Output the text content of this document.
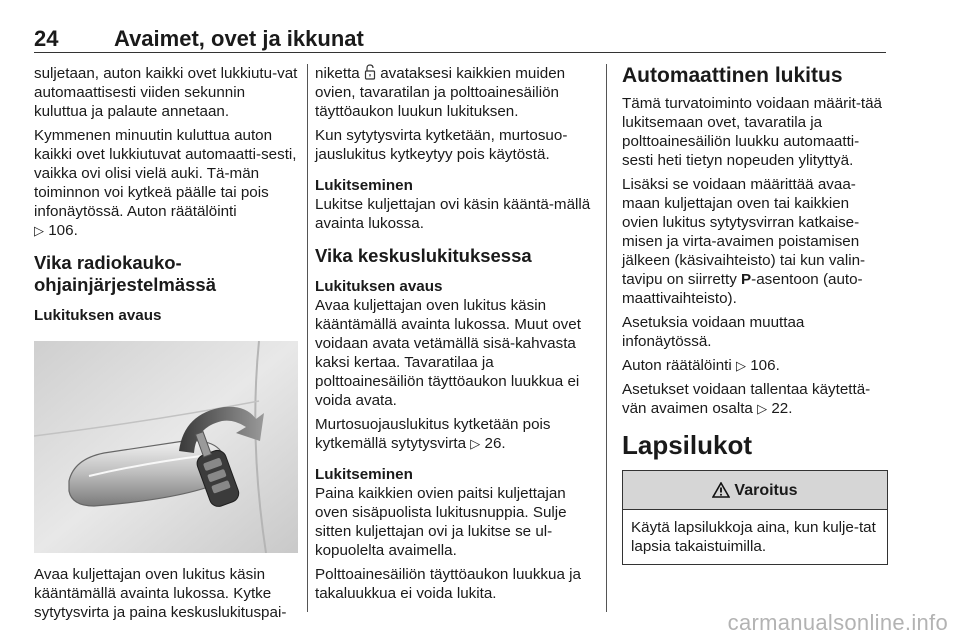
24	Avaimet, ovet ja ikkunat

suljetaan, auton kaikki ovet lukkiutu-vat automaattisesti viiden sekunnin kuluttua ja palaute annetaan.

Kymmenen minuutin kuluttua auton kaikki ovet lukkiutuvat automaatti-sesti, vaikka ovi olisi vielä auki. Tä-män toiminnon voi kytkeä päälle tai pois infonäytössä. Auton räätälöinti
▷ 106.

Vika radiokauko-ohjainjärjestelmässä
Lukituksen avaus

Avaa kuljettajan oven lukitus käsin kääntämällä avainta lukossa. Kytke sytytysvirta ja paina keskuslukituspai-

niketta avataksesi kaikkien muiden ovien, tavaratilan ja polttoainesäiliön täyttöaukon luukun lukituksen.

Kun sytytysvirta kytketään, murtosuo-jauslukitus kytkeytyy pois käytöstä.

Lukitseminen

Lukitse kuljettajan ovi käsin kääntä-mällä avainta lukossa.

Vika keskuslukituksessa
Lukituksen avaus

Avaa kuljettajan oven lukitus käsin kääntämällä avainta lukossa. Muut ovet voidaan avata vetämällä sisä-kahvasta kaksi kertaa. Tavaratilaa ja polttoainesäiliön täyttöaukon luukkua ei voida avata.

Murtosuojauslukitus kytketään pois kytkemällä sytytysvirta ▷ 26.

Lukitseminen

Paina kaikkien ovien paitsi kuljettajan oven sisäpuolista lukitusnuppia. Sulje sitten kuljettajan ovi ja lukitse se ul-kopuolelta avaimella.

Polttoainesäiliön täyttöaukon luukkua ja takaluukkua ei voida lukita.

Automaattinen lukitus

Tämä turvatoiminto voidaan määrit-tää lukitsemaan ovet, tavaratila ja polttoainesäiliön luukku automaatti-sesti heti tietyn nopeuden ylityttyä.

Lisäksi se voidaan määrittää avaa-maan kuljettajan oven tai kaikkien ovien lukitus sytytysvirran katkaise-misen ja virta-avaimen poistamisen jälkeen (käsivaihteisto) tai kun valin-tavipu on siirretty P-asentoon (auto-maattivaihteisto).

Asetuksia voidaan muuttaa infonäytössä.

Auton räätälöinti ▷ 106.

Asetukset voidaan tallentaa käytettä-vän avaimen osalta ▷ 22.

Lapsilukot
Varoitus
Käytä lapsilukkoja aina, kun kulje-tat lapsia takaistuimilla.
carmanualsonline.info
